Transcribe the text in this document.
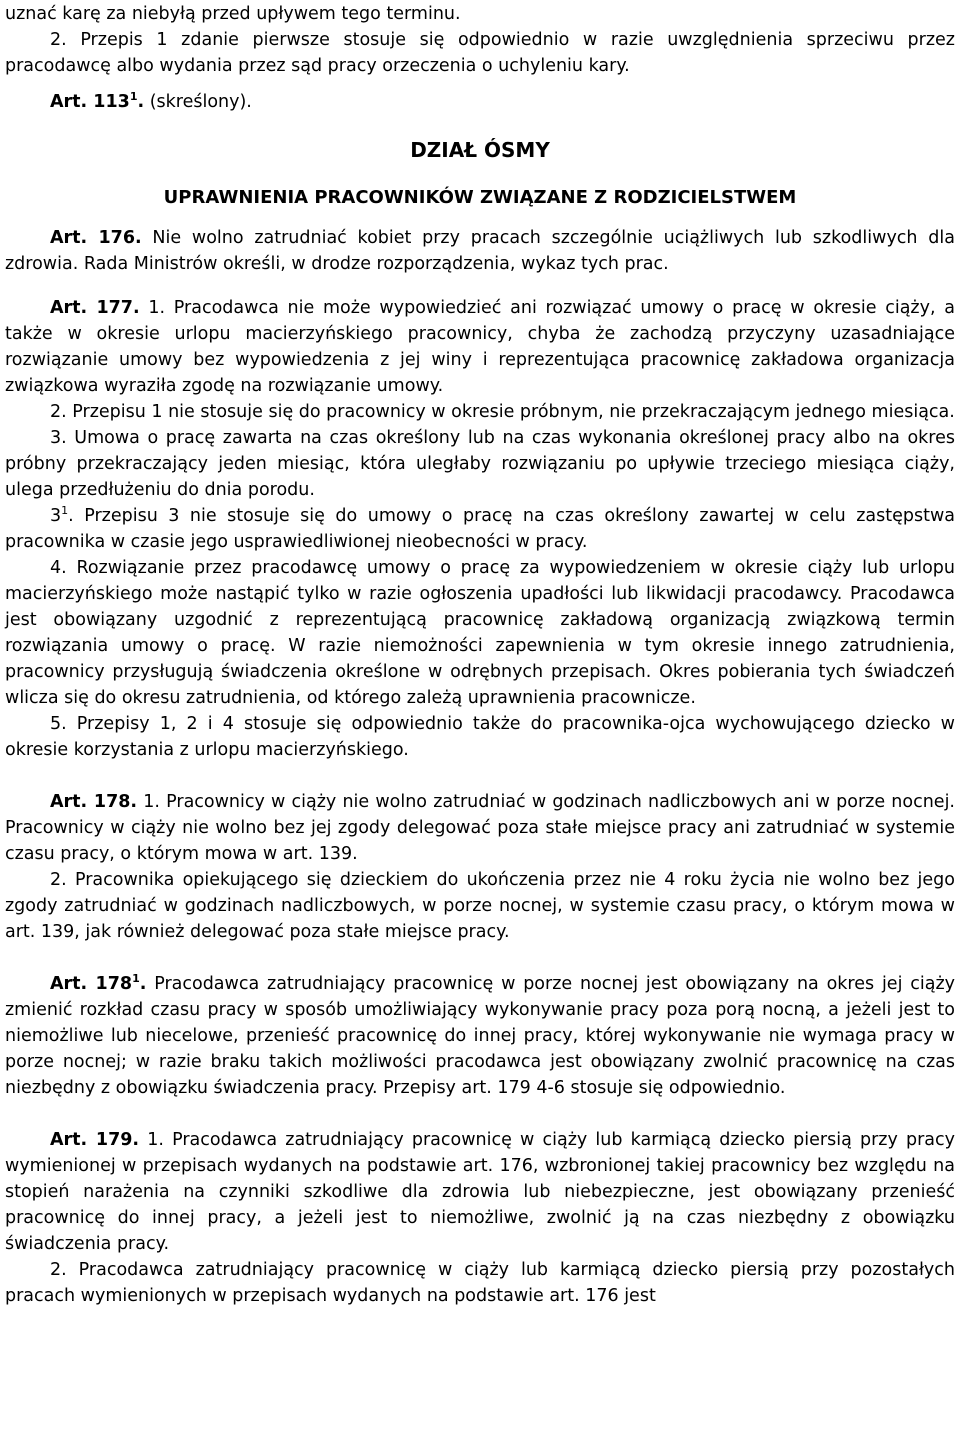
uznać karę za niebyłą przed upływem tego terminu.

2. Przepis 1 zdanie pierwsze stosuje się odpowiednio w razie uwzględnienia sprzeciwu przez pracodawcę albo wydania przez sąd pracy orzeczenia o uchyleniu kary.

Art. $113^1$. (skreślony).

DZIAŁ ÓSMY

UPRAWNIENIA PRACOWNIKÓW ZWIĄZANE Z RODZICIELSTWEM

Art. 176. Nie wolno zatrudniać kobiet przy pracach szczególnie uciążliwych lub szkodliwych dla zdrowia. Rada Ministrów określi, w drodze rozporządzenia, wykaz tych prac.

Art. 177. 1. Pracodawca nie może wypowiedzieć ani rozwiązać umowy o pracę w okresie ciąży, a także w okresie urlopu macierzyńskiego pracownicy, chyba że zachodzą przyczyny uzasadniające rozwiązanie umowy bez wypowiedzenia z jej winy i reprezentująca pracownicę zakładowa organizacja związkowa wyraziła zgodę na rozwiązanie umowy.

2. Przepisu 1 nie stosuje się do pracownicy w okresie próbnym, nie przekraczającym jednego miesiąca.

3. Umowa o pracę zawarta na czas określony lub na czas wykonania określonej pracy albo na okres próbny przekraczający jeden miesiąc, która uległaby rozwiązaniu po upływie trzeciego miesiąca ciąży, ulega przedłużeniu do dnia porodu.

$3^1$. Przepisu 3 nie stosuje się do umowy o pracę na czas określony zawartej w celu zastępstwa pracownika w czasie jego usprawiedliwionej nieobecności w pracy.

4. Rozwiązanie przez pracodawcę umowy o pracę za wypowiedzeniem w okresie ciąży lub urlopu macierzyńskiego może nastąpić tylko w razie ogłoszenia upadłości lub likwidacji pracodawcy. Pracodawca jest obowiązany uzgodnić z reprezentującą pracownicę zakładową organizacją związkową termin rozwiązania umowy o pracę. W razie niemożności zapewnienia w tym okresie innego zatrudnienia, pracownicy przysługują świadczenia określone w odrębnych przepisach. Okres pobierania tych świadczeń wlicza się do okresu zatrudnienia, od którego zależą uprawnienia pracownicze.

5. Przepisy 1, 2 i 4 stosuje się odpowiednio także do pracownika-ojca wychowującego dziecko w okresie korzystania z urlopu macierzyńskiego.

Art. 178. 1. Pracownicy w ciąży nie wolno zatrudniać w godzinach nadliczbowych ani w porze nocnej. Pracownicy w ciąży nie wolno bez jej zgody delegować poza stałe miejsce pracy ani zatrudniać w systemie czasu pracy, o którym mowa w art. 139.

2. Pracownika opiekującego się dzieckiem do ukończenia przez nie 4 roku życia nie wolno bez jego zgody zatrudniać w godzinach nadliczbowych, w porze nocnej, w systemie czasu pracy, o którym mowa w art. 139, jak również delegować poza stałe miejsce pracy.

Art. $178^1$. Pracodawca zatrudniający pracownicę w porze nocnej jest obowiązany na okres jej ciąży zmienić rozkład czasu pracy w sposób umożliwiający wykonywanie pracy poza porą nocną, a jeżeli jest to niemożliwe lub niecelowe, przenieść pracownicę do innej pracy, której wykonywanie nie wymaga pracy w porze nocnej; w razie braku takich możliwości pracodawca jest obowiązany zwolnić pracownicę na czas niezbędny z obowiązku świadczenia pracy. Przepisy art. 179 4-6 stosuje się odpowiednio.

Art. 179. 1. Pracodawca zatrudniający pracownicę w ciąży lub karmiącą dziecko piersią przy pracy wymienionej w przepisach wydanych na podstawie art. 176, wzbronionej takiej pracownicy bez względu na stopień narażenia na czynniki szkodliwe dla zdrowia lub niebezpieczne, jest obowiązany przenieść pracownicę do innej pracy, a jeżeli jest to niemożliwe, zwolnić ją na czas niezbędny z obowiązku świadczenia pracy.

2. Pracodawca zatrudniający pracownicę w ciąży lub karmiącą dziecko piersią przy pozostałych pracach wymienionych w przepisach wydanych na podstawie art. 176 jest
